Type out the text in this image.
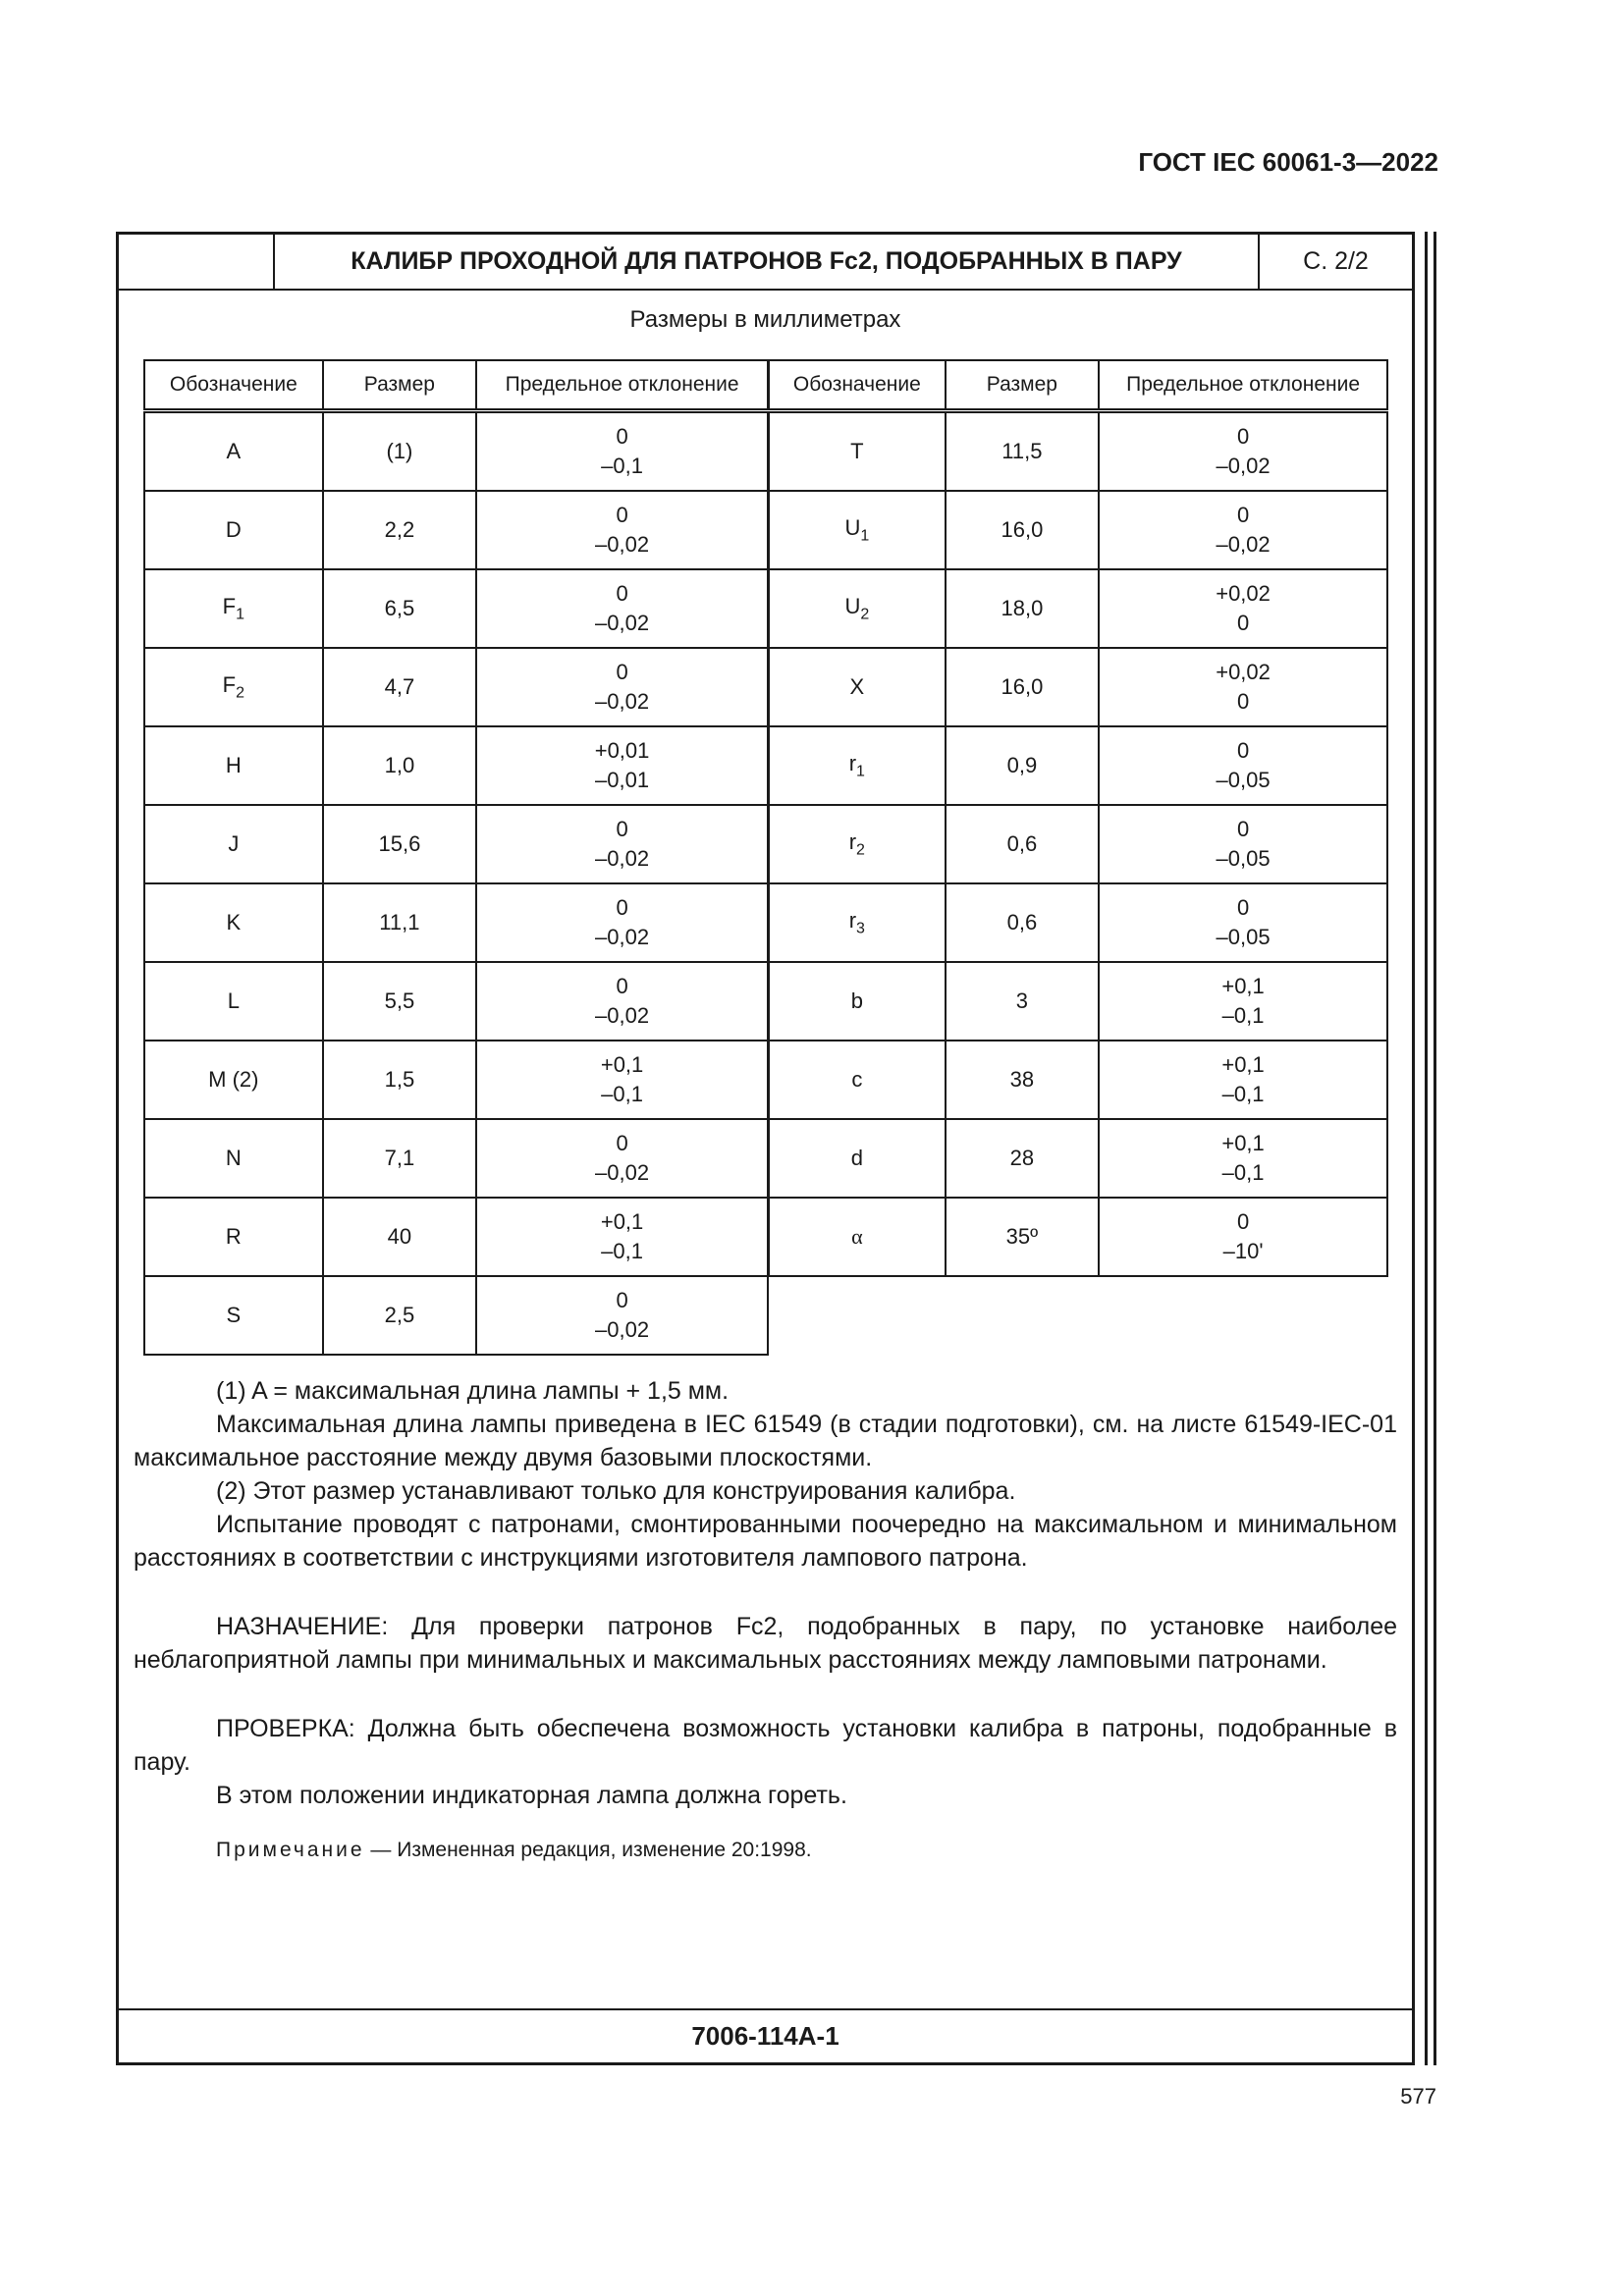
ГОСТ IEC 60061-3—2022
КАЛИБР ПРОХОДНОЙ ДЛЯ ПАТРОНОВ Fc2, ПОДОБРАННЫХ В ПАРУ	С. 2/2
Размеры в миллиметрах
Обозначение	Размер	Предельное отклонение
A	(1)	0
–0,1

D	2,2	0
–0,02

$F_1$	6,5	0
–0,02

$F_2$	4,7	0
–0,02

H	1,0	+0,01
–0,01

J	15,6	0
–0,02

K	11,1	0
–0,02

L	5,5	0
–0,02

M (2)	1,5	+0,1
–0,1

N	7,1	0
–0,02

R	40	+0,1
–0,1

S	2,5	0
–0,02
Обозначение	Размер	Предельное отклонение
T	11,5	0
–0,02

$U_1$	16,0	0
–0,02

$U_2$	18,0	+0,02
0

X	16,0	+0,02
0

$r_1$	0,9	0
–0,05

$r_2$	0,6	0
–0,05

$r_3$	0,6	0
–0,05

b	3	+0,1
–0,1

c	38	+0,1
–0,1

d	28	+0,1
–0,1

α	35º	0
–10'

(1) A = максимальная длина лампы + 1,5 мм.

Максимальная длина лампы приведена в IEC 61549 (в стадии подготовки), см. на листе 61549-IEC-01 максимальное расстояние между двумя базовыми плоскостями.

(2) Этот размер устанавливают только для конструирования калибра.

Испытание проводят с патронами, смонтированными поочередно на максимальном и минимальном расстояниях в соответствии с инструкциями изготовителя лампового патрона.

НАЗНАЧЕНИЕ: Для проверки патронов Fc2, подобранных в пару, по установке наиболее неблагоприятной лампы при минимальных и максимальных расстояниях между ламповыми патронами.

ПРОВЕРКА: Должна быть обеспечена возможность установки калибра в патроны, подобранные в пару.

В этом положении индикаторная лампа должна гореть.

Примечание — Измененная редакция, изменение 20:1998.

7006-114A-1
577
